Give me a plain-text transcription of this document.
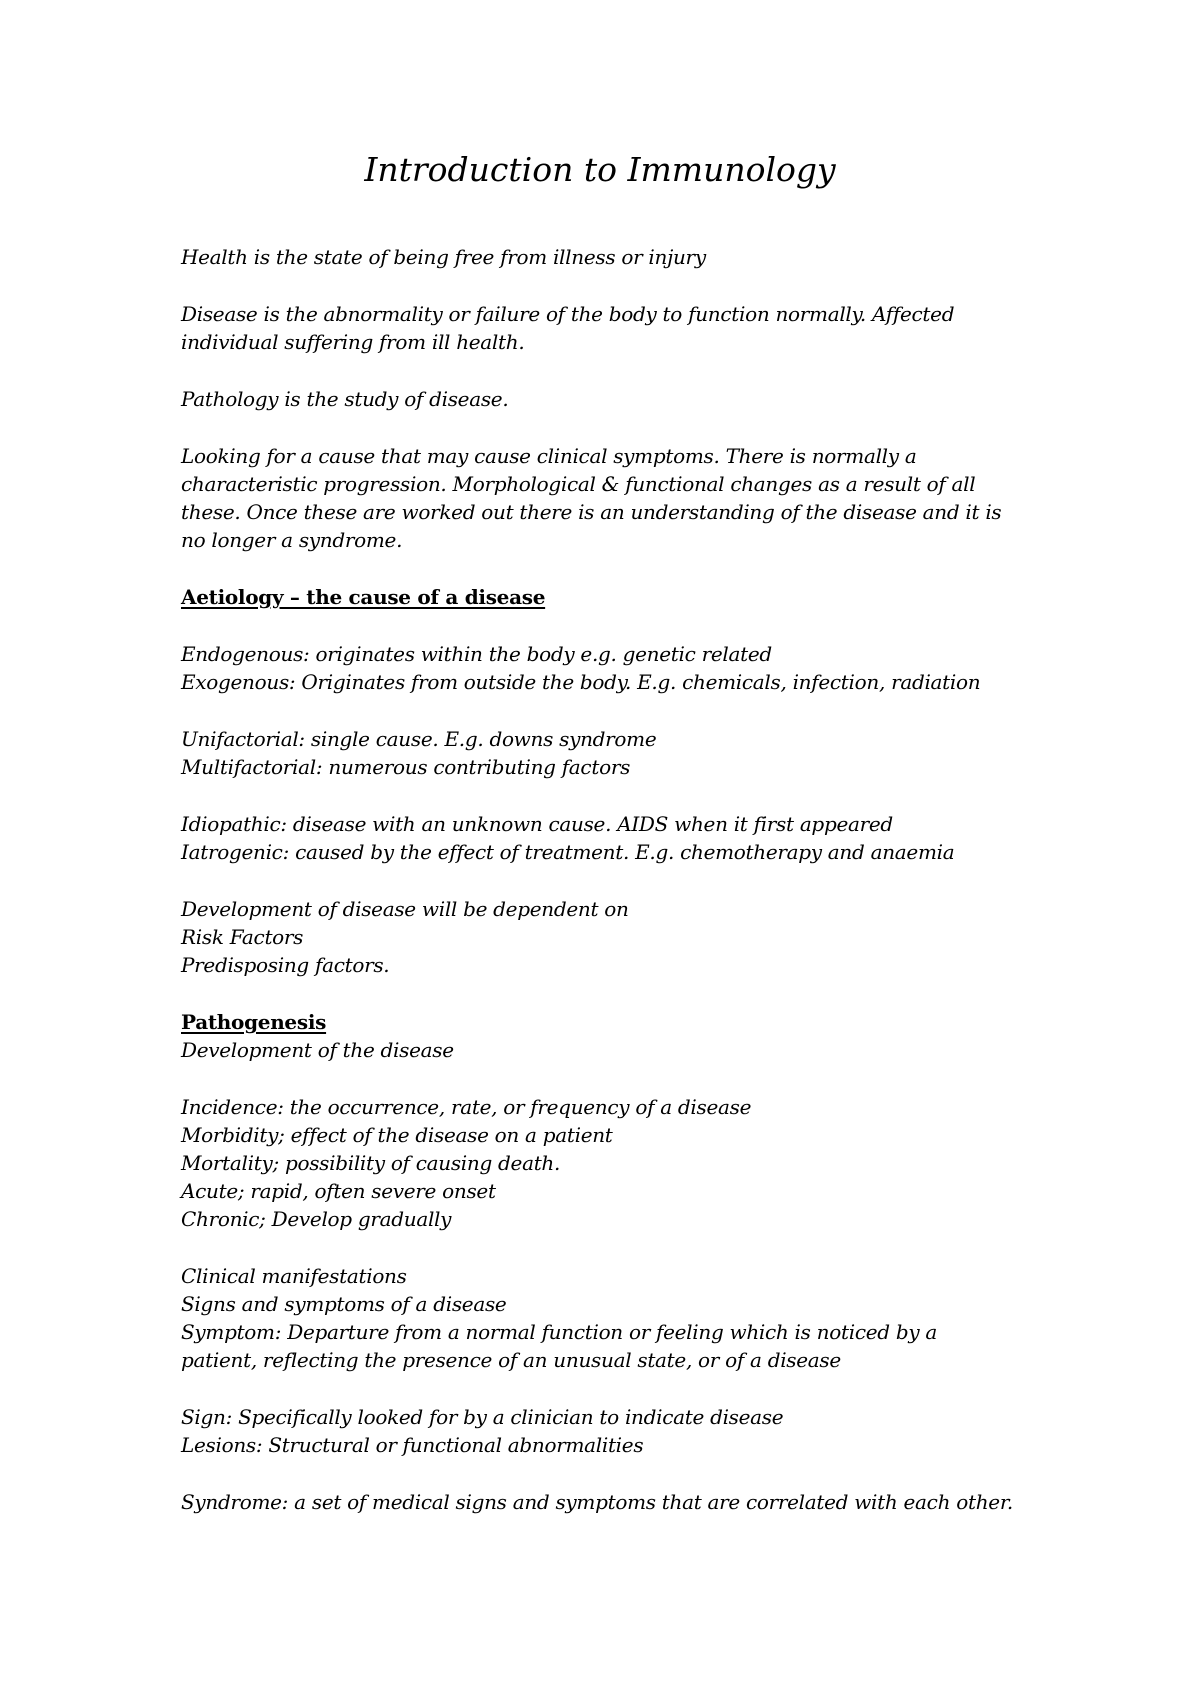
Introduction to Immunology

Health is the state of being free from illness or injury

Disease is the abnormality or failure of the body to function normally. Affected

individual suffering from ill health.

Pathology is the study of disease.

Looking for a cause that may cause clinical symptoms. There is normally a

characteristic progression. Morphological & functional changes as a result of all

these. Once these are worked out there is an understanding of the disease and it is

no longer a syndrome.

Aetiology – the cause of a disease

Endogenous: originates within the body e.g. genetic related

Exogenous: Originates from outside the body. E.g. chemicals, infection, radiation

Unifactorial: single cause. E.g. downs syndrome

Multifactorial: numerous contributing factors

Idiopathic: disease with an unknown cause. AIDS when it first appeared

Iatrogenic: caused by the effect of treatment. E.g. chemotherapy and anaemia

Development of disease will be dependent on

Risk Factors

Predisposing factors.

Pathogenesis

Development of the disease

Incidence: the occurrence, rate, or frequency of a disease

Morbidity; effect of the disease on a patient

Mortality; possibility of causing death.

Acute; rapid, often severe onset

Chronic; Develop gradually

Clinical manifestations

Signs and symptoms of a disease

Symptom: Departure from a normal function or feeling which is noticed by a

patient, reflecting the presence of an unusual state, or of a disease

Sign: Specifically looked for by a clinician to indicate disease

Lesions: Structural or functional abnormalities

Syndrome: a set of medical signs and symptoms that are correlated with each other.
